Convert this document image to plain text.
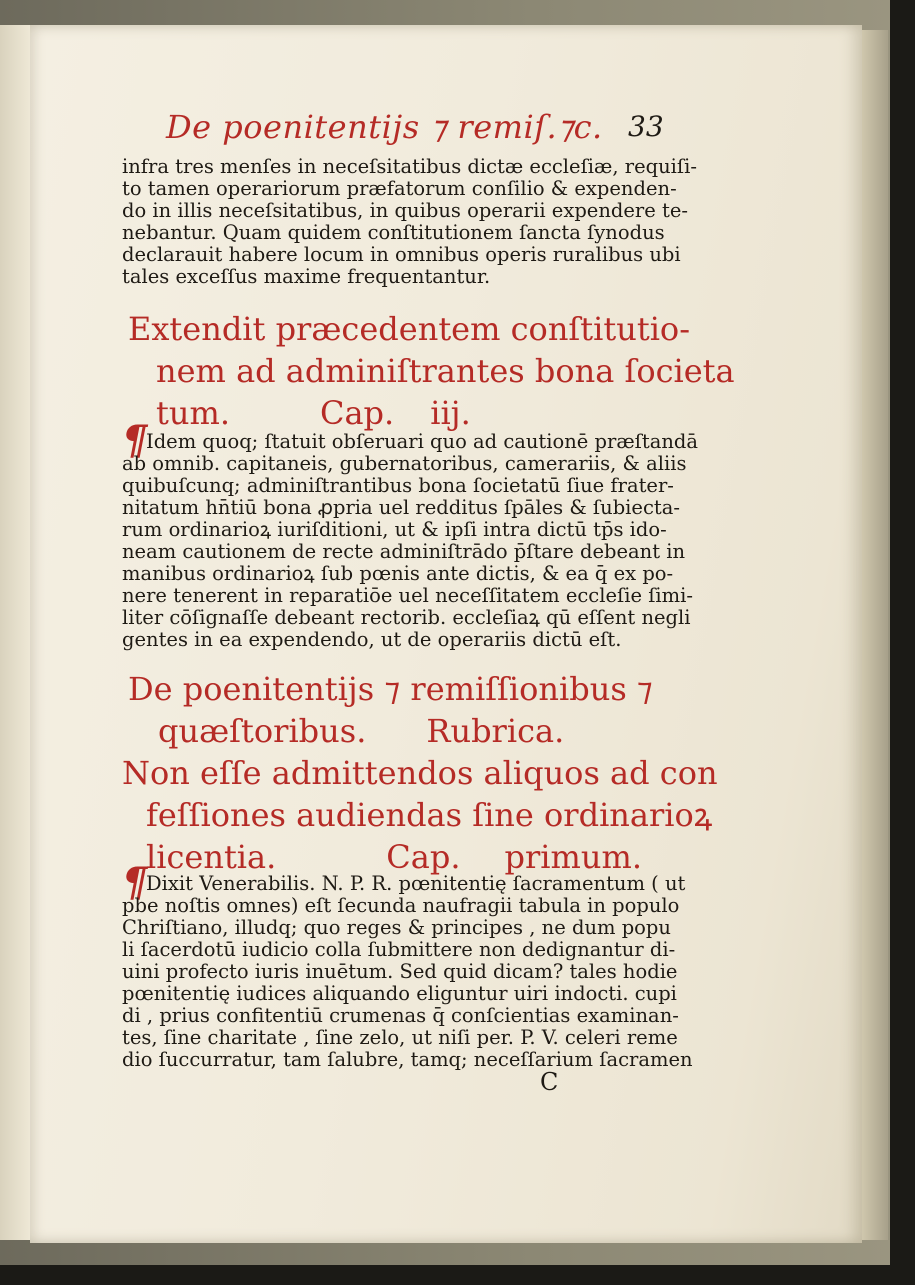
De poenitentijs ⁊ remiſ.⁊c. 33
infra tres menſes in neceſsitatibus dictæ eccleſiæ, requiſi-
to tamen operariorum præfatorum conſilio & expenden-
do in illis neceſsitatibus, in quibus operarii expendere te-
nebantur. Quam quidem conſtitutionem ſancta ſynodus
declarauit habere locum in omnibus operis ruralibus ubi
tales exceſſus maxime frequentantur.
Extendit præcedentem conſtitutio-
nem ad adminiſtrantes bona ſocieta
tum.	Cap. iij.
¶Idem quoq; ſtatuit obſeruari quo ad cautionē præſtandā
ab omnib. capitaneis, gubernatoribus, camerariis, & aliis
quibuſcunq; adminiſtrantibus bona ſocietatū ſiue frater-
nitatum hn̄tiū bona ꝓpria uel redditus ſpāles & ſubiecta-
rum ordinarioꝝ iuriſditioni, ut & ipſi intra dictū tp̄s ido-
neam cautionem de recte adminiſtrādo p̄ſtare debeant in
manibus ordinarioꝝ ſub pœnis ante dictis, & ea q̄ ex po-
nere tenerent in reparatiōe uel neceſſitatem eccleſie ſimi-
liter cōſignaſſe debeant rectorib. eccleſiaꝝ qū eſſent negli
gentes in ea expendendo, ut de operariis dictū eſt.
De poenitentijs ⁊ remiſſionibus ⁊
quæſtoribus. Rubrica.
Non eſſe admittendos aliquos ad con
feſſiones audiendas ſine ordinarioꝝ
licentia.	Cap. primum.
¶Dixit Venerabilis. N. P. R. pœnitentię ſacramentum ( ut
pbe noſtis omnes) eſt ſecunda naufragii tabula in populo
Chriſtiano, illudq; quo reges & principes , ne dum popu
li ſacerdotū iudicio colla ſubmittere non dedignantur di-
uini profecto iuris inuētum. Sed quid dicam? tales hodie
pœnitentię iudices aliquando eliguntur uiri indocti. cupi
di , prius confitentiū crumenas q̄ conſcientias examinan-
tes, ſine charitate , ſine zelo, ut niſi per. P. V. celeri reme
dio ſuccurratur, tam ſalubre, tamq; neceſſarium ſacramen
C
